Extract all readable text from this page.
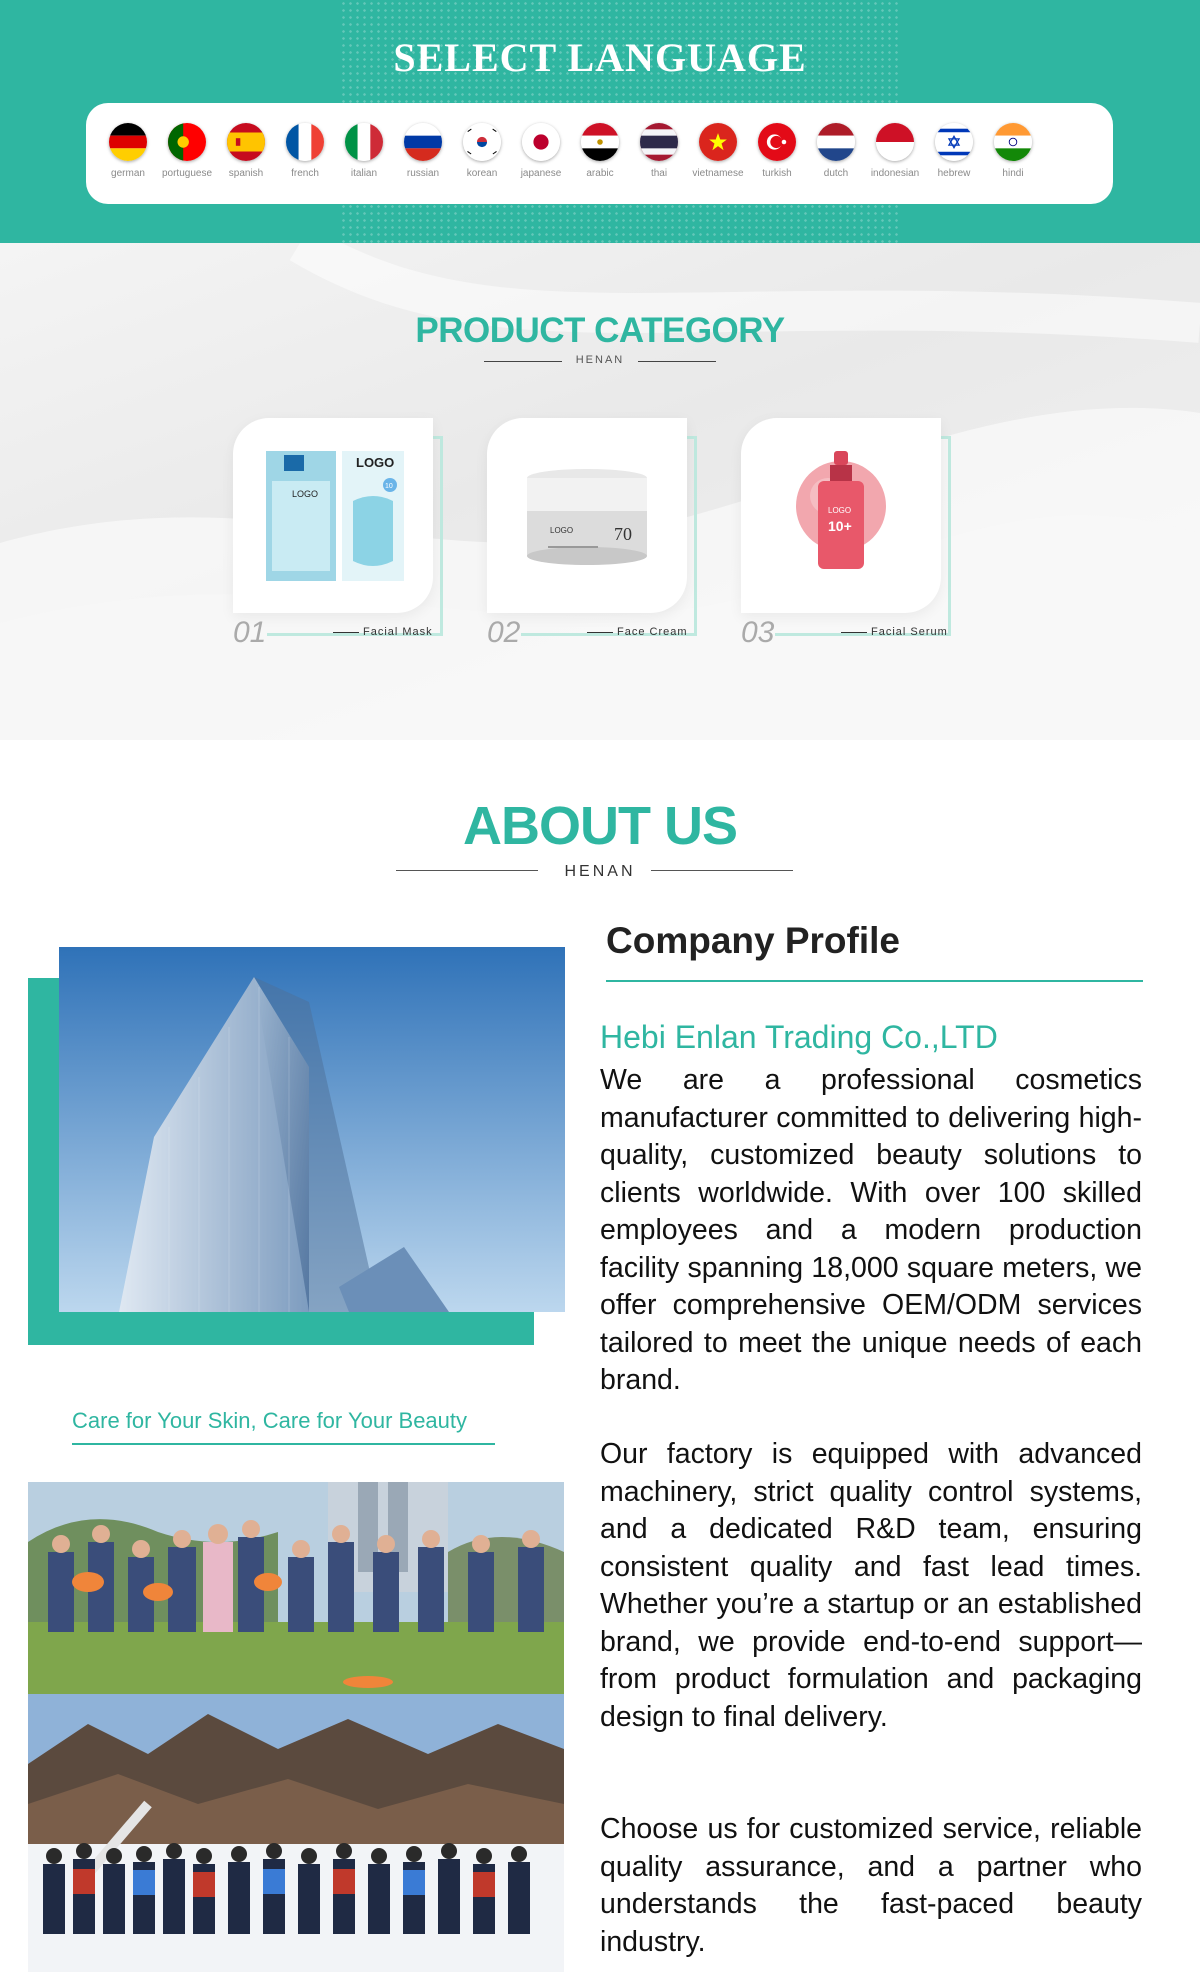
SELECT LANGUAGE
german	portuguese	spanish	french	italian	russian	korean	japanese	arabic	thai	vietnamese	turkish	dutch	indonesian	hebrew	hindi
PRODUCT CATEGORY
HENAN
LOGO
LOGO
10
01	Facial Mask
LOGO 70
02	Face Cream
LOGO
10+
03	Facial Serum
ABOUT US
HENAN
Care for Your Skin, Care for Your Beauty
Company Profile
Hebi Enlan Trading Co.,LTD

We are a professional cosmetics manufacturer committed to delivering high-quality, customized beauty solutions to clients worldwide. With over 100 skilled employees and a modern production facility spanning 18,000 square meters, we offer comprehensive OEM/ODM services tailored to meet the unique needs of each brand.

Our factory is equipped with advanced machinery, strict quality control systems, and a dedicated R&D team, ensuring consistent quality and fast lead times. Whether you’re a startup or an established brand, we provide end-to-end support—from product formulation and packaging design to final delivery.

Choose us for customized service, reliable quality assurance, and a partner who understands the fast-paced beauty industry.
